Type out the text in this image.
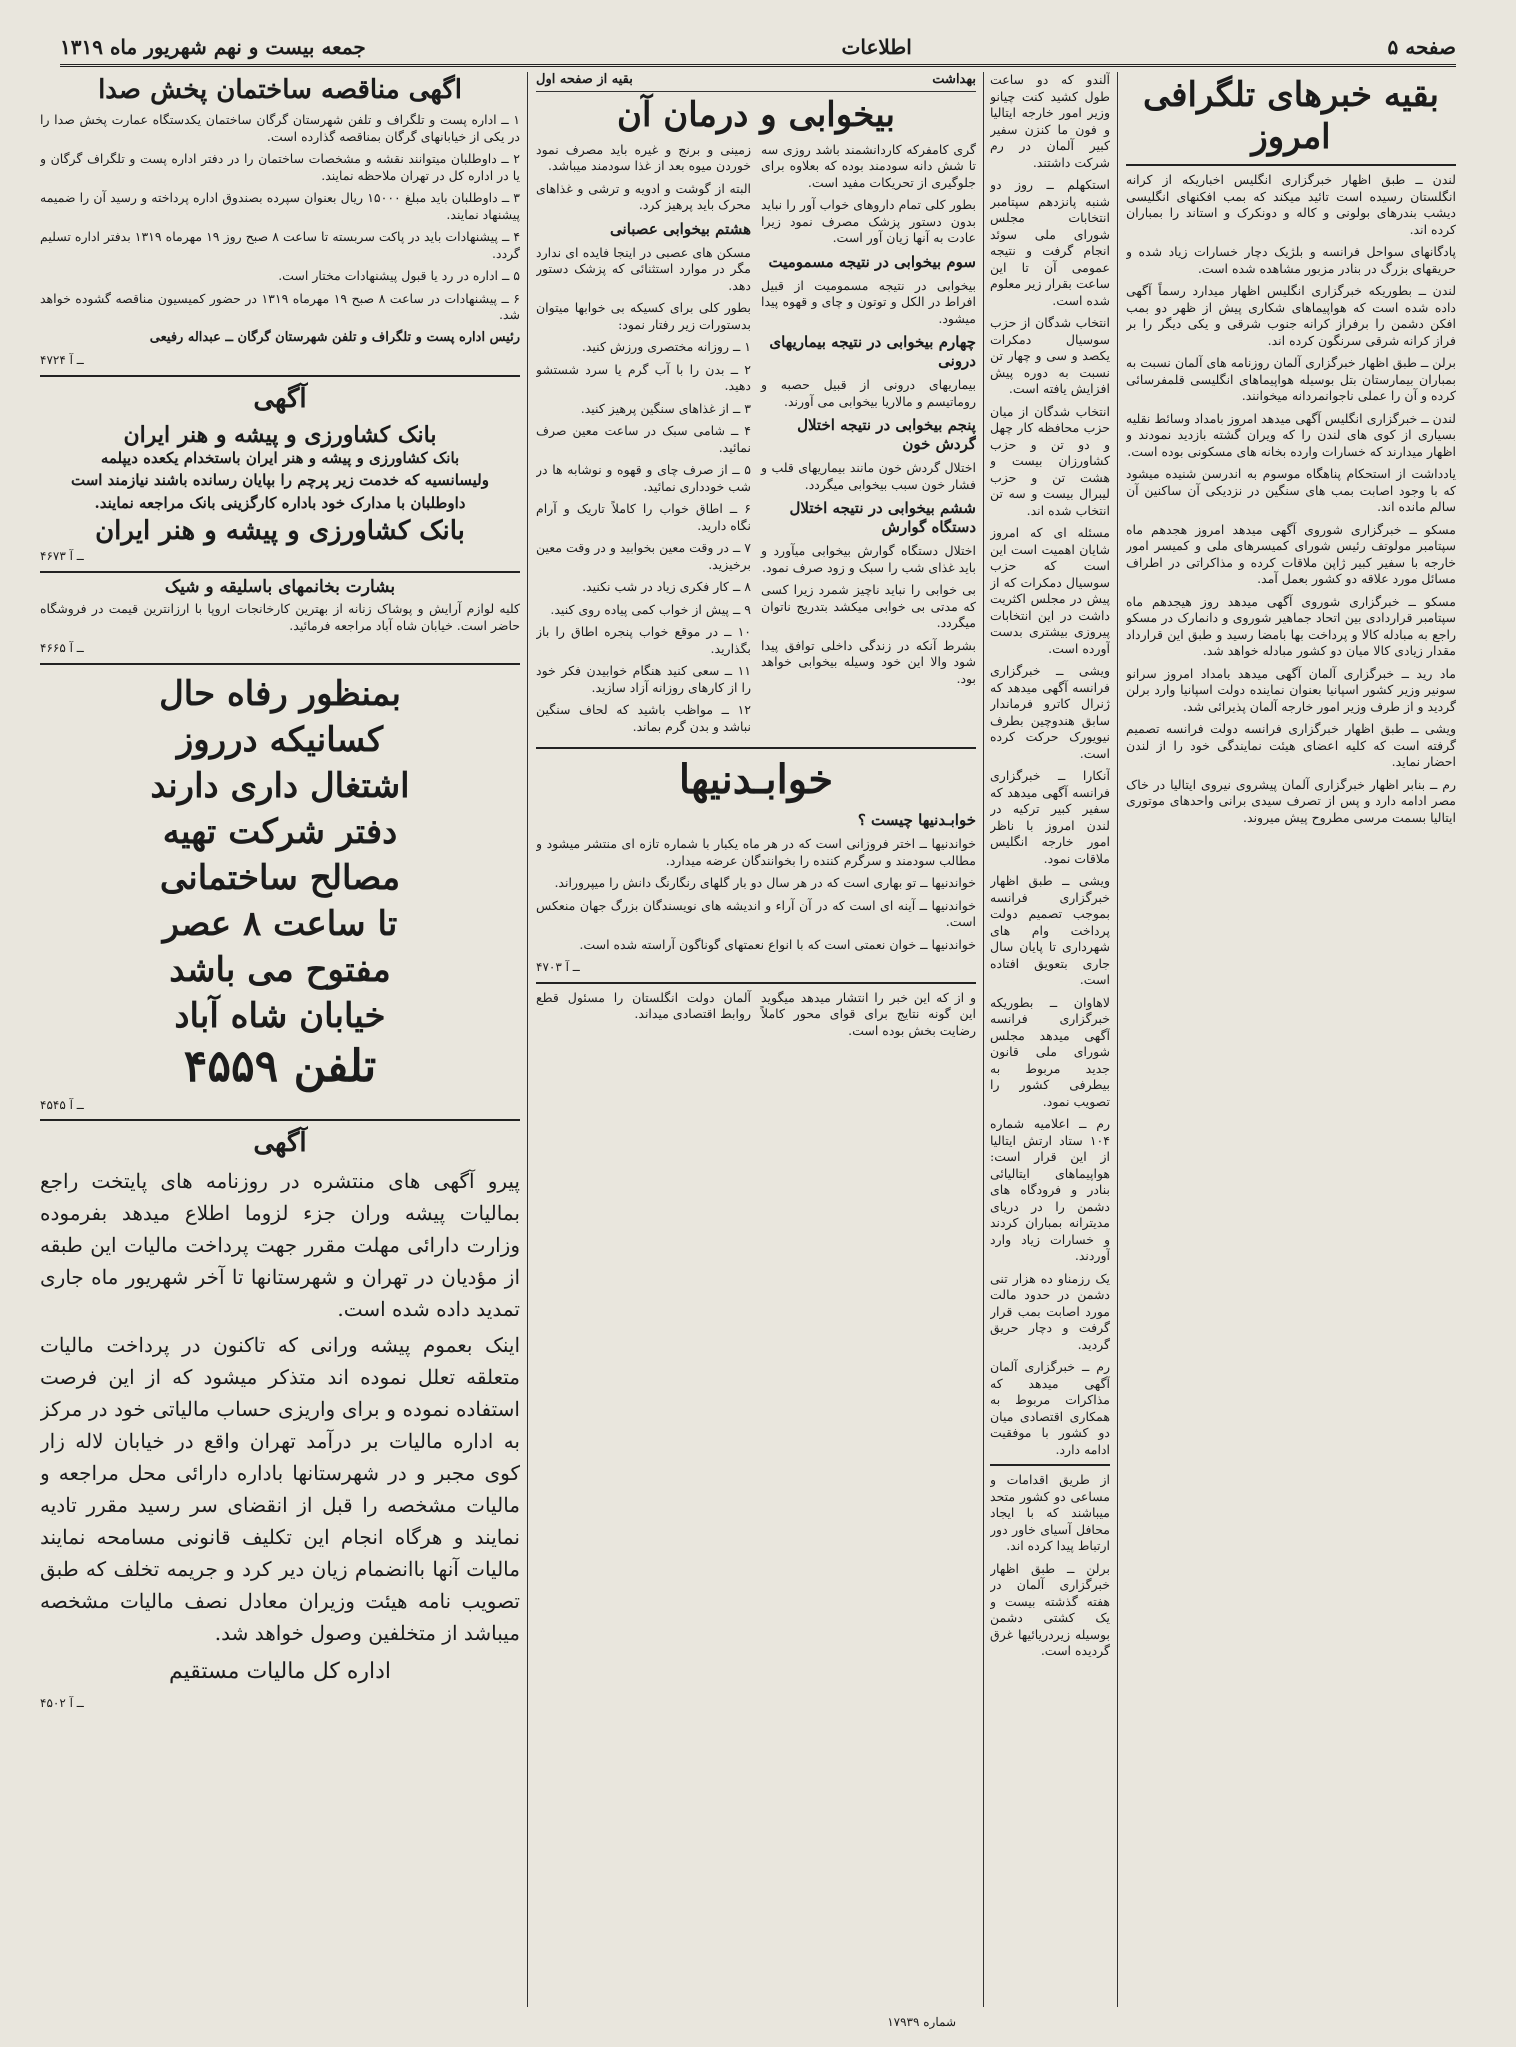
صفحه ۵
اطلاعات
جمعه بیست و نهم شهریور ماه ۱۳۱۹
بقیه خبرهای تلگرافی امروز

لندن ــ طبق اظهار خبرگزاری انگلیس اخباریکه از کرانه انگلستان رسیده است تائید میکند که بمب افکنهای انگلیسی دیشب بندرهای بولونی و کاله و دونکرک و استاند را بمباران کرده اند.

پادگانهای سواحل فرانسه و بلژیک دچار خسارات زیاد شده و حریقهای بزرگ در بنادر مزبور مشاهده شده است.

لندن ــ بطوریکه خبرگزاری انگلیس اظهار میدارد رسماً آگهی داده شده است که هواپیماهای شکاری پیش از ظهر دو بمب افکن دشمن را برفراز کرانه جنوب شرقی و یکی دیگر را بر فراز کرانه شرقی سرنگون کرده اند.

برلن ــ طبق اظهار خبرگزاری آلمان روزنامه های آلمان نسبت به بمباران بیمارستان بتل بوسیله هواپیماهای انگلیسی قلمفرسائی کرده و آن را عملی ناجوانمردانه میخوانند.

لندن ــ خبرگزاری انگلیس آگهی میدهد امروز بامداد وسائط نقلیه بسیاری از کوی های لندن را که ویران گشته بازدید نمودند و اظهار میدارند که خسارات وارده بخانه های مسکونی بوده است.

یادداشت از استحکام پناهگاه موسوم به اندرسن شنیده میشود که با وجود اصابت بمب های سنگین در نزدیکی آن ساکنین آن سالم مانده اند.

مسکو ــ خبرگزاری شوروی آگهی میدهد امروز هجدهم ماه سپتامبر مولوتف رئیس شورای کمیسرهای ملی و کمیسر امور خارجه با سفیر کبیر ژاپن ملاقات کرده و مذاکراتی در اطراف مسائل مورد علاقه دو کشور بعمل آمد.

مسکو ــ خبرگزاری شوروی آگهی میدهد روز هیجدهم ماه سپتامبر قراردادی بین اتحاد جماهیر شوروی و دانمارک در مسکو راجع به مبادله کالا و پرداخت بها بامضا رسید و طبق این قرارداد مقدار زیادی کالا میان دو کشور مبادله خواهد شد.

ماد رید ــ خبرگزاری آلمان آگهی میدهد بامداد امروز سرانو سونیر وزیر کشور اسپانیا بعنوان نماینده دولت اسپانیا وارد برلن گردید و از طرف وزیر امور خارجه آلمان پذیرائی شد.

ویشی ــ طبق اظهار خبرگزاری فرانسه دولت فرانسه تصمیم گرفته است که کلیه اعضای هیئت نمایندگی خود را از لندن احضار نماید.

رم ــ بنابر اظهار خبرگزاری آلمان پیشروی نیروی ایتالیا در خاک مصر ادامه دارد و پس از تصرف سیدی برانی واحدهای موتوری ایتالیا بسمت مرسی مطروح پیش میروند.

آلندو که دو ساعت طول کشید کنت چیانو وزیر امور خارجه ایتالیا و فون ما کنزن سفیر کبیر آلمان در رم شرکت داشتند.

استکهلم ــ روز دو شنبه پانزدهم سپتامبر انتخابات مجلس شورای ملی سوئد انجام گرفت و نتیجه عمومی آن تا این ساعت بقرار زیر معلوم شده است.

انتخاب شدگان از حزب سوسیال دمکرات یکصد و سی و چهار تن نسبت به دوره پیش افزایش یافته است.

انتخاب شدگان از میان حزب محافظه کار چهل و دو تن و حزب کشاورزان بیست و هشت تن و حزب لیبرال بیست و سه تن انتخاب شده اند.

مسئله ای که امروز شایان اهمیت است این است که حزب سوسیال دمکرات که از پیش در مجلس اکثریت داشت در این انتخابات پیروزی بیشتری بدست آورده است.

ویشی ــ خبرگزاری فرانسه آگهی میدهد که ژنرال کاترو فرماندار سابق هندوچین بطرف نیویورک حرکت کرده است.

آنکارا ــ خبرگزاری فرانسه آگهی میدهد که سفیر کبیر ترکیه در لندن امروز با ناظر امور خارجه انگلیس ملاقات نمود.

ویشی ــ طبق اظهار خبرگزاری فرانسه بموجب تصمیم دولت پرداخت وام های شهرداری تا پایان سال جاری بتعویق افتاده است.

لاهاوان ــ بطوریکه خبرگزاری فرانسه آگهی میدهد مجلس شورای ملی قانون جدید مربوط به بیطرفی کشور را تصویب نمود.

رم ــ اعلامیه شماره ۱۰۴ ستاد ارتش ایتالیا از این قرار است: هواپیماهای ایتالیائی بنادر و فرودگاه های دشمن را در دریای مدیترانه بمباران کردند و خسارات زیاد وارد آوردند.

یک رزمناو ده هزار تنی دشمن در حدود مالت مورد اصابت بمب قرار گرفت و دچار حریق گردید.

رم ــ خبرگزاری آلمان آگهی میدهد که مذاکرات مربوط به همکاری اقتصادی میان دو کشور با موفقیت ادامه دارد.

از طریق اقدامات و مساعی دو کشور متحد میباشند که با ایجاد محافل آسیای خاور دور ارتباط پیدا کرده اند.

برلن ــ طبق اظهار خبرگزاری آلمان در هفته گذشته بیست و یک کشتی دشمن بوسیله زیردریائیها غرق گردیده است.

بهداشت
بقیه از صفحه اول
بیخوابی و درمان آن

گری کامفرکه کاردانشمند باشد روزی سه تا شش دانه سودمند بوده که بعلاوه برای جلوگیری از تحریکات مفید است.

بطور کلی تمام داروهای خواب آور را نباید بدون دستور پزشک مصرف نمود زیرا عادت به آنها زیان آور است.

سوم بیخوابی در نتیجه مسمومیت

بیخوابی در نتیجه مسمومیت از قبیل افراط در الکل و توتون و چای و قهوه پیدا میشود.

چهارم بیخوابی در نتیجه بیماریهای درونی

بیماریهای درونی از قبیل حصبه و روماتیسم و مالاریا بیخوابی می آورند.

پنجم بیخوابی در نتیجه اختلال گردش خون

اختلال گردش خون مانند بیماریهای قلب و فشار خون سبب بیخوابی میگردد.

ششم بیخوابی در نتیجه اختلال دستگاه گوارش

اختلال دستگاه گوارش بیخوابی میآورد و باید غذای شب را سبک و زود صرف نمود.

بی خوابی را نباید ناچیز شمرد زیرا کسی که مدتی بی خوابی میکشد بتدریج ناتوان میگردد.

بشرط آنکه در زندگی داخلی توافق پیدا شود والا این خود وسیله بیخوابی خواهد بود.

زمینی و برنج و غیره باید مصرف نمود خوردن میوه بعد از غذا سودمند میباشد.

البته از گوشت و ادویه و ترشی و غذاهای محرک باید پرهیز کرد.

هشتم بیخوابی عصبانی

مسکن های عصبی در اینجا فایده ای ندارد مگر در موارد استثنائی که پزشک دستور دهد.

بطور کلی برای کسیکه بی خوابها میتوان بدستورات زیر رفتار نمود:

۱ ــ روزانه مختصری ورزش کنید.

۲ ــ بدن را با آب گرم یا سرد شستشو دهید.

۳ ــ از غذاهای سنگین پرهیز کنید.

۴ ــ شامی سبک در ساعت معین صرف نمائید.

۵ ــ از صرف چای و قهوه و نوشابه ها در شب خودداری نمائید.

۶ ــ اطاق خواب را کاملاً تاریک و آرام نگاه دارید.

۷ ــ در وقت معین بخوابید و در وقت معین برخیزید.

۸ ــ کار فکری زیاد در شب نکنید.

۹ ــ پیش از خواب کمی پیاده روی کنید.

۱۰ ــ در موقع خواب پنجره اطاق را باز بگذارید.

۱۱ ــ سعی کنید هنگام خوابیدن فکر خود را از کارهای روزانه آزاد سازید.

۱۲ ــ مواظب باشید که لحاف سنگین نباشد و بدن گرم بماند.

خوابـدنیها
خوابـدنیها چیست ؟

خواندنیها ــ اختر فروزانی است که در هر ماه یکبار با شماره تازه ای منتشر میشود و مطالب سودمند و سرگرم کننده را بخوانندگان عرضه میدارد.

خواندنیها ــ تو بهاری است که در هر سال دو بار گلهای رنگارنگ دانش را میپروراند.

خواندنیها ــ آینه ای است که در آن آراء و اندیشه های نویسندگان بزرگ جهان منعکس است.

خواندنیها ــ خوان نعمتی است که با انواع نعمتهای گوناگون آراسته شده است.

۴۷۰۳ ــ آ

و از که این خبر را انتشار میدهد میگوید این گونه نتایج برای قوای محور کاملاً رضایت بخش بوده است.

آلمان دولت انگلستان را مسئول قطع روابط اقتصادی میداند.

اگهی مناقصه ساختمان پخش صدا

۱ ــ اداره پست و تلگراف و تلفن شهرستان گرگان ساختمان یکدستگاه عمارت پخش صدا را در یکی از خیابانهای گرگان بمناقصه گذارده است.

۲ ــ داوطلبان میتوانند نقشه و مشخصات ساختمان را در دفتر اداره پست و تلگراف گرگان و یا در اداره کل در تهران ملاحظه نمایند.

۳ ــ داوطلبان باید مبلغ ۱۵۰۰۰ ریال بعنوان سپرده بصندوق اداره پرداخته و رسید آن را ضمیمه پیشنهاد نمایند.

۴ ــ پیشنهادات باید در پاکت سربسته تا ساعت ۸ صبح روز ۱۹ مهرماه ۱۳۱۹ بدفتر اداره تسلیم گردد.

۵ ــ اداره در رد یا قبول پیشنهادات مختار است.

۶ ــ پیشنهادات در ساعت ۸ صبح ۱۹ مهرماه ۱۳۱۹ در حضور کمیسیون مناقصه گشوده خواهد شد.

رئیس اداره پست و تلگراف و تلفن شهرستان گرگان ــ عبداله رفیعی

۴۷۲۴ ــ آ

آگهی

بانک کشاورزی و پیشه و هنر ایران

بانک کشاورزی و پیشه و هنر ایران باستخدام یکعده دیپلمه

ولیسانسیه که خدمت زیر پرچم را بپایان رسانده باشند نیازمند است

داوطلبان با مدارک خود باداره کارگزینی بانک مراجعه نمایند.

بانک کشاورزی و پیشه و هنر ایران

۴۶۷۳ ــ آ

بشارت بخانمهای باسلیقه و شیک

کلیه لوازم آرایش و پوشاک زنانه از بهترین کارخانجات اروپا با ارزانترین قیمت در فروشگاه حاضر است. خیابان شاه آباد مراجعه فرمائید.

۴۶۶۵ ــ آ

بمنظور رفاه حال

کسانیکه درروز

اشتغال داری دارند

دفتر شرکت تهیه

مصالح ساختمانی

تا ساعت ۸ عصر

مفتوح می باشد

خیابان شاه آباد

تلفن ۴۵۵۹

۴۵۴۵ ــ آ

آگهی

پیرو آگهی های منتشره در روزنامه های پایتخت راجع بمالیات پیشه وران جزء لزوما اطلاع میدهد بفرموده وزارت دارائی مهلت مقرر جهت پرداخت مالیات این طبقه از مؤدیان در تهران و شهرستانها تا آخر شهریور ماه جاری تمدید داده شده است.

اینک بعموم پیشه ورانی که تاکنون در پرداخت مالیات متعلقه تعلل نموده اند متذکر میشود که از این فرصت استفاده نموده و برای واریزی حساب مالیاتی خود در مرکز به اداره مالیات بر درآمد تهران واقع در خیابان لاله زار کوی مجبر و در شهرستانها باداره دارائی محل مراجعه و مالیات مشخصه را قبل از انقضای سر رسید مقرر تادیه نمایند و هرگاه انجام این تکلیف قانونی مسامحه نمایند مالیات آنها باانضمام زیان دیر کرد و جریمه تخلف که طبق تصویب نامه هیئت وزیران معادل نصف مالیات مشخصه میباشد از متخلفین وصول خواهد شد.

اداره کل مالیات مستقیم

۴۵۰۲ ــ آ

شماره ۱۷۹۳۹
